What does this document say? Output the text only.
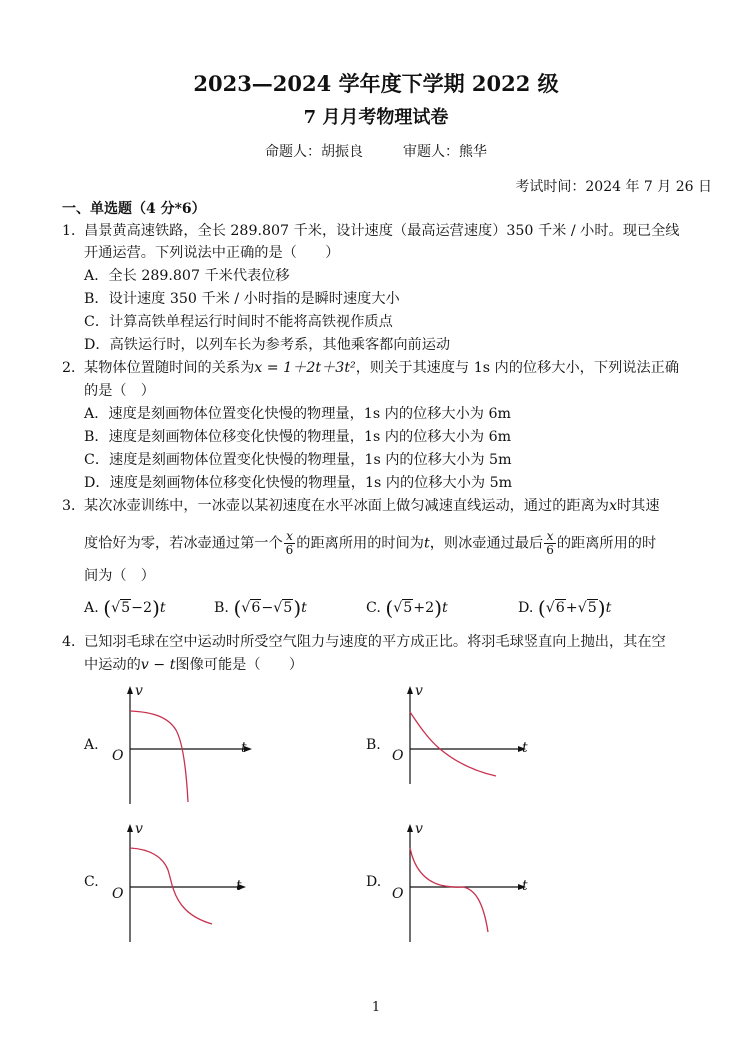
2023—2024 学年度下学期 2022 级
7 月月考物理试卷
命题人：胡振良	审题人：熊华
考试时间：2024 年 7 月 26 日
一、单选题（4 分*6）
1．
昌景黄高速铁路，全长 289.807 千米，设计速度（最高运营速度）350 千米 / 小时。现已全线
开通运营。下列说法中正确的是（　　）
A．全长 289.807 千米代表位移
B．设计速度 350 千米 / 小时指的是瞬时速度大小
C．计算高铁单程运行时间时不能将高铁视作质点
D．高铁运行时，以列车长为参考系，其他乘客都向前运动
2．
某物体位置随时间的关系为x = 1＋2t＋3t²，则关于其速度与 1s 内的位移大小，下列说法正确
的是（　）
A．速度是刻画物体位置变化快慢的物理量，1s 内的位移大小为 6m
B．速度是刻画物体位移变化快慢的物理量，1s 内的位移大小为 6m
C．速度是刻画物体位置变化快慢的物理量，1s 内的位移大小为 5m
D．速度是刻画物体位移变化快慢的物理量，1s 内的位移大小为 5m
3．
某次冰壶训练中，一冰壶以某初速度在水平冰面上做匀减速直线运动，通过的距离为x时其速
度恰好为零，若冰壶通过第一个 $\frac{x}{6}$ 的距离所用的时间为t，则冰壶通过最后 $\frac{x}{6}$ 的距离所用的时
间为（　）
A. (√5−2)t	B. (√6−√5)t	C. (√5+2)t	D. (√6+√5)t
4．
已知羽毛球在空中运动时所受空气阻力与速度的平方成正比。将羽毛球竖直向上抛出，其在空
中运动的v − t图像可能是（　　）
A.
v
t
O
B.
v
t
O
C.
v
t
O
D.
v
t
O
1
